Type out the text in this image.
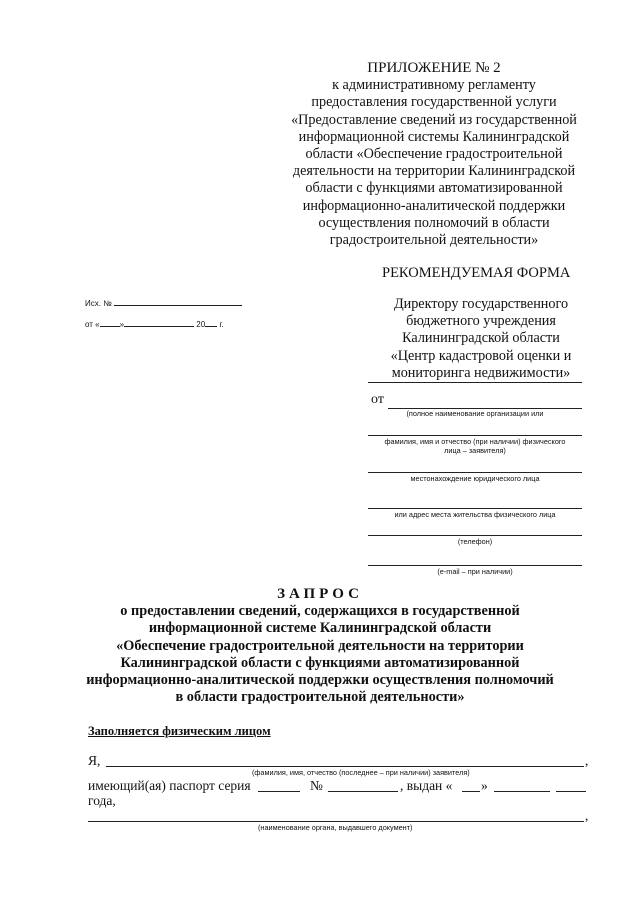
ПРИЛОЖЕНИЕ № 2
к административному регламенту
предоставления государственной услуги
«Предоставление сведений из государственной
информационной системы Калининградской
области «Обеспечение градостроительной
деятельности на территории Калининградской
области с функциями автоматизированной
информационно-аналитической поддержки
осуществления полномочий в области
градостроительной деятельности»
РЕКОМЕНДУЕМАЯ ФОРМА
Исх. №
от «	»	20 г.
Директору государственного
бюджетного учреждения
Калининградской области
«Центр кадастровой оценки и
мониторинга недвижимости»
от
(полное наименование организации или
фамилия, имя и отчество (при наличии) физического
лица – заявителя)
местонахождение юридического лица
или адрес места жительства физического лица
(телефон)
(e-mail – при наличии)
ЗАПРОС
о предоставлении сведений, содержащихся в государственной
информационной системе Калининградской области
«Обеспечение градостроительной деятельности на территории
Калининградской области с функциями автоматизированной
информационно-аналитической поддержки осуществления полномочий
в области градостроительной деятельности»
Заполняется физическим лицом
Я,	,
(фамилия, имя, отчество (последнее – при наличии) заявителя)
имеющий(ая) паспорт серия	№	, выдан « »
года,
,
(наименование органа, выдавшего документ)
